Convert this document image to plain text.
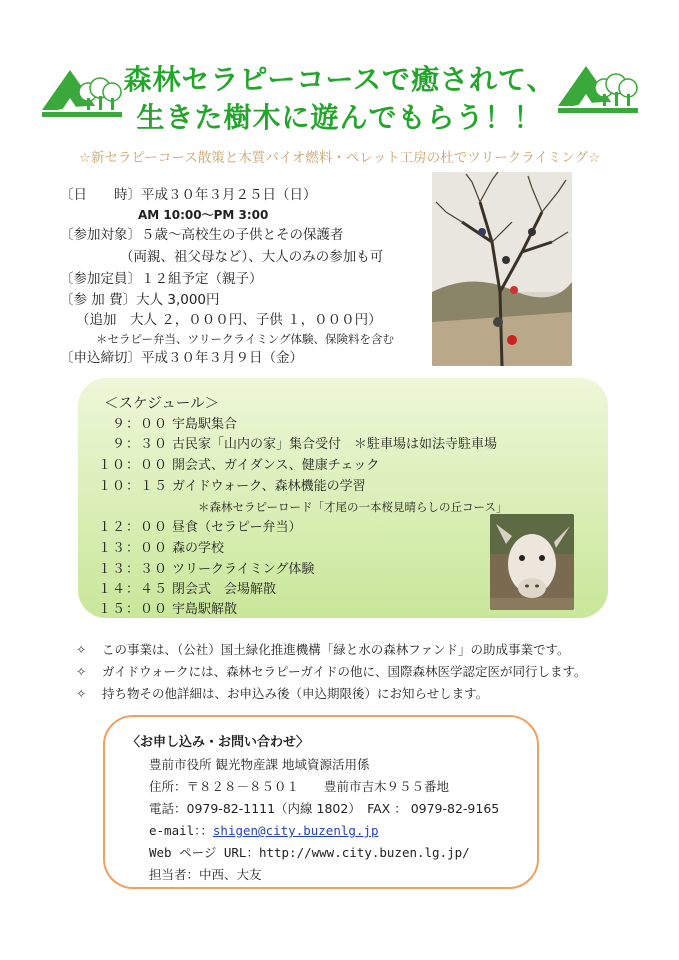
森林セラピーコースで癒されて、
生きた樹木に遊んでもらう！！
☆新セラピーコース散策と木質バイオ燃料・ペレット工房の杜でツリークライミング☆
〔日　　時〕平成３０年３月２５日（日）
AM 10:00～PM 3:00
〔参加対象〕５歳～高校生の子供とその保護者
（両親、祖父母など）、大人のみの参加も可
〔参加定員〕１２組予定（親子）
〔参 加 費〕大人 3,000円
（追加　大人 ２，０００円、子供 １，０００円）
＊セラピー弁当、ツリークライミング体験、保険料を含む
〔申込締切〕平成３０年３月９日（金）
＜スケジュール＞
９：００ 宇島駅集合
９：３０ 古民家「山内の家」集合受付　＊駐車場は如法寺駐車場
１０：００ 開会式、ガイダンス、健康チェック
１０：１５ ガイドウォーク、森林機能の学習
＊森林セラピーロード「才尾の一本桜見晴らしの丘コース」
１２：００ 昼食（セラピー弁当）
１３：００ 森の学校
１３：３０ ツリークライミング体験
１４：４５ 閉会式　会場解散
１５：００ 宇島駅解散
✧ この事業は、（公社）国土緑化推進機構「緑と水の森林ファンド」の助成事業です。
✧ ガイドウォークには、森林セラピーガイドの他に、国際森林医学認定医が同行します。
✧ 持ち物その他詳細は、お申込み後（申込期限後）にお知らせします。
〈お申し込み・お問い合わせ〉
豊前市役所 観光物産課 地域資源活用係
住所：〒８２８－８５０１　　豊前市吉木９５５番地
電話：0979-82-1111（内線 1802）　FAX ： 0979-82-9165
e-mail：：shigen@city.buzenlg.jp
Web ページ URL：http://www.city.buzen.lg.jp/
担当者：中西、大友
